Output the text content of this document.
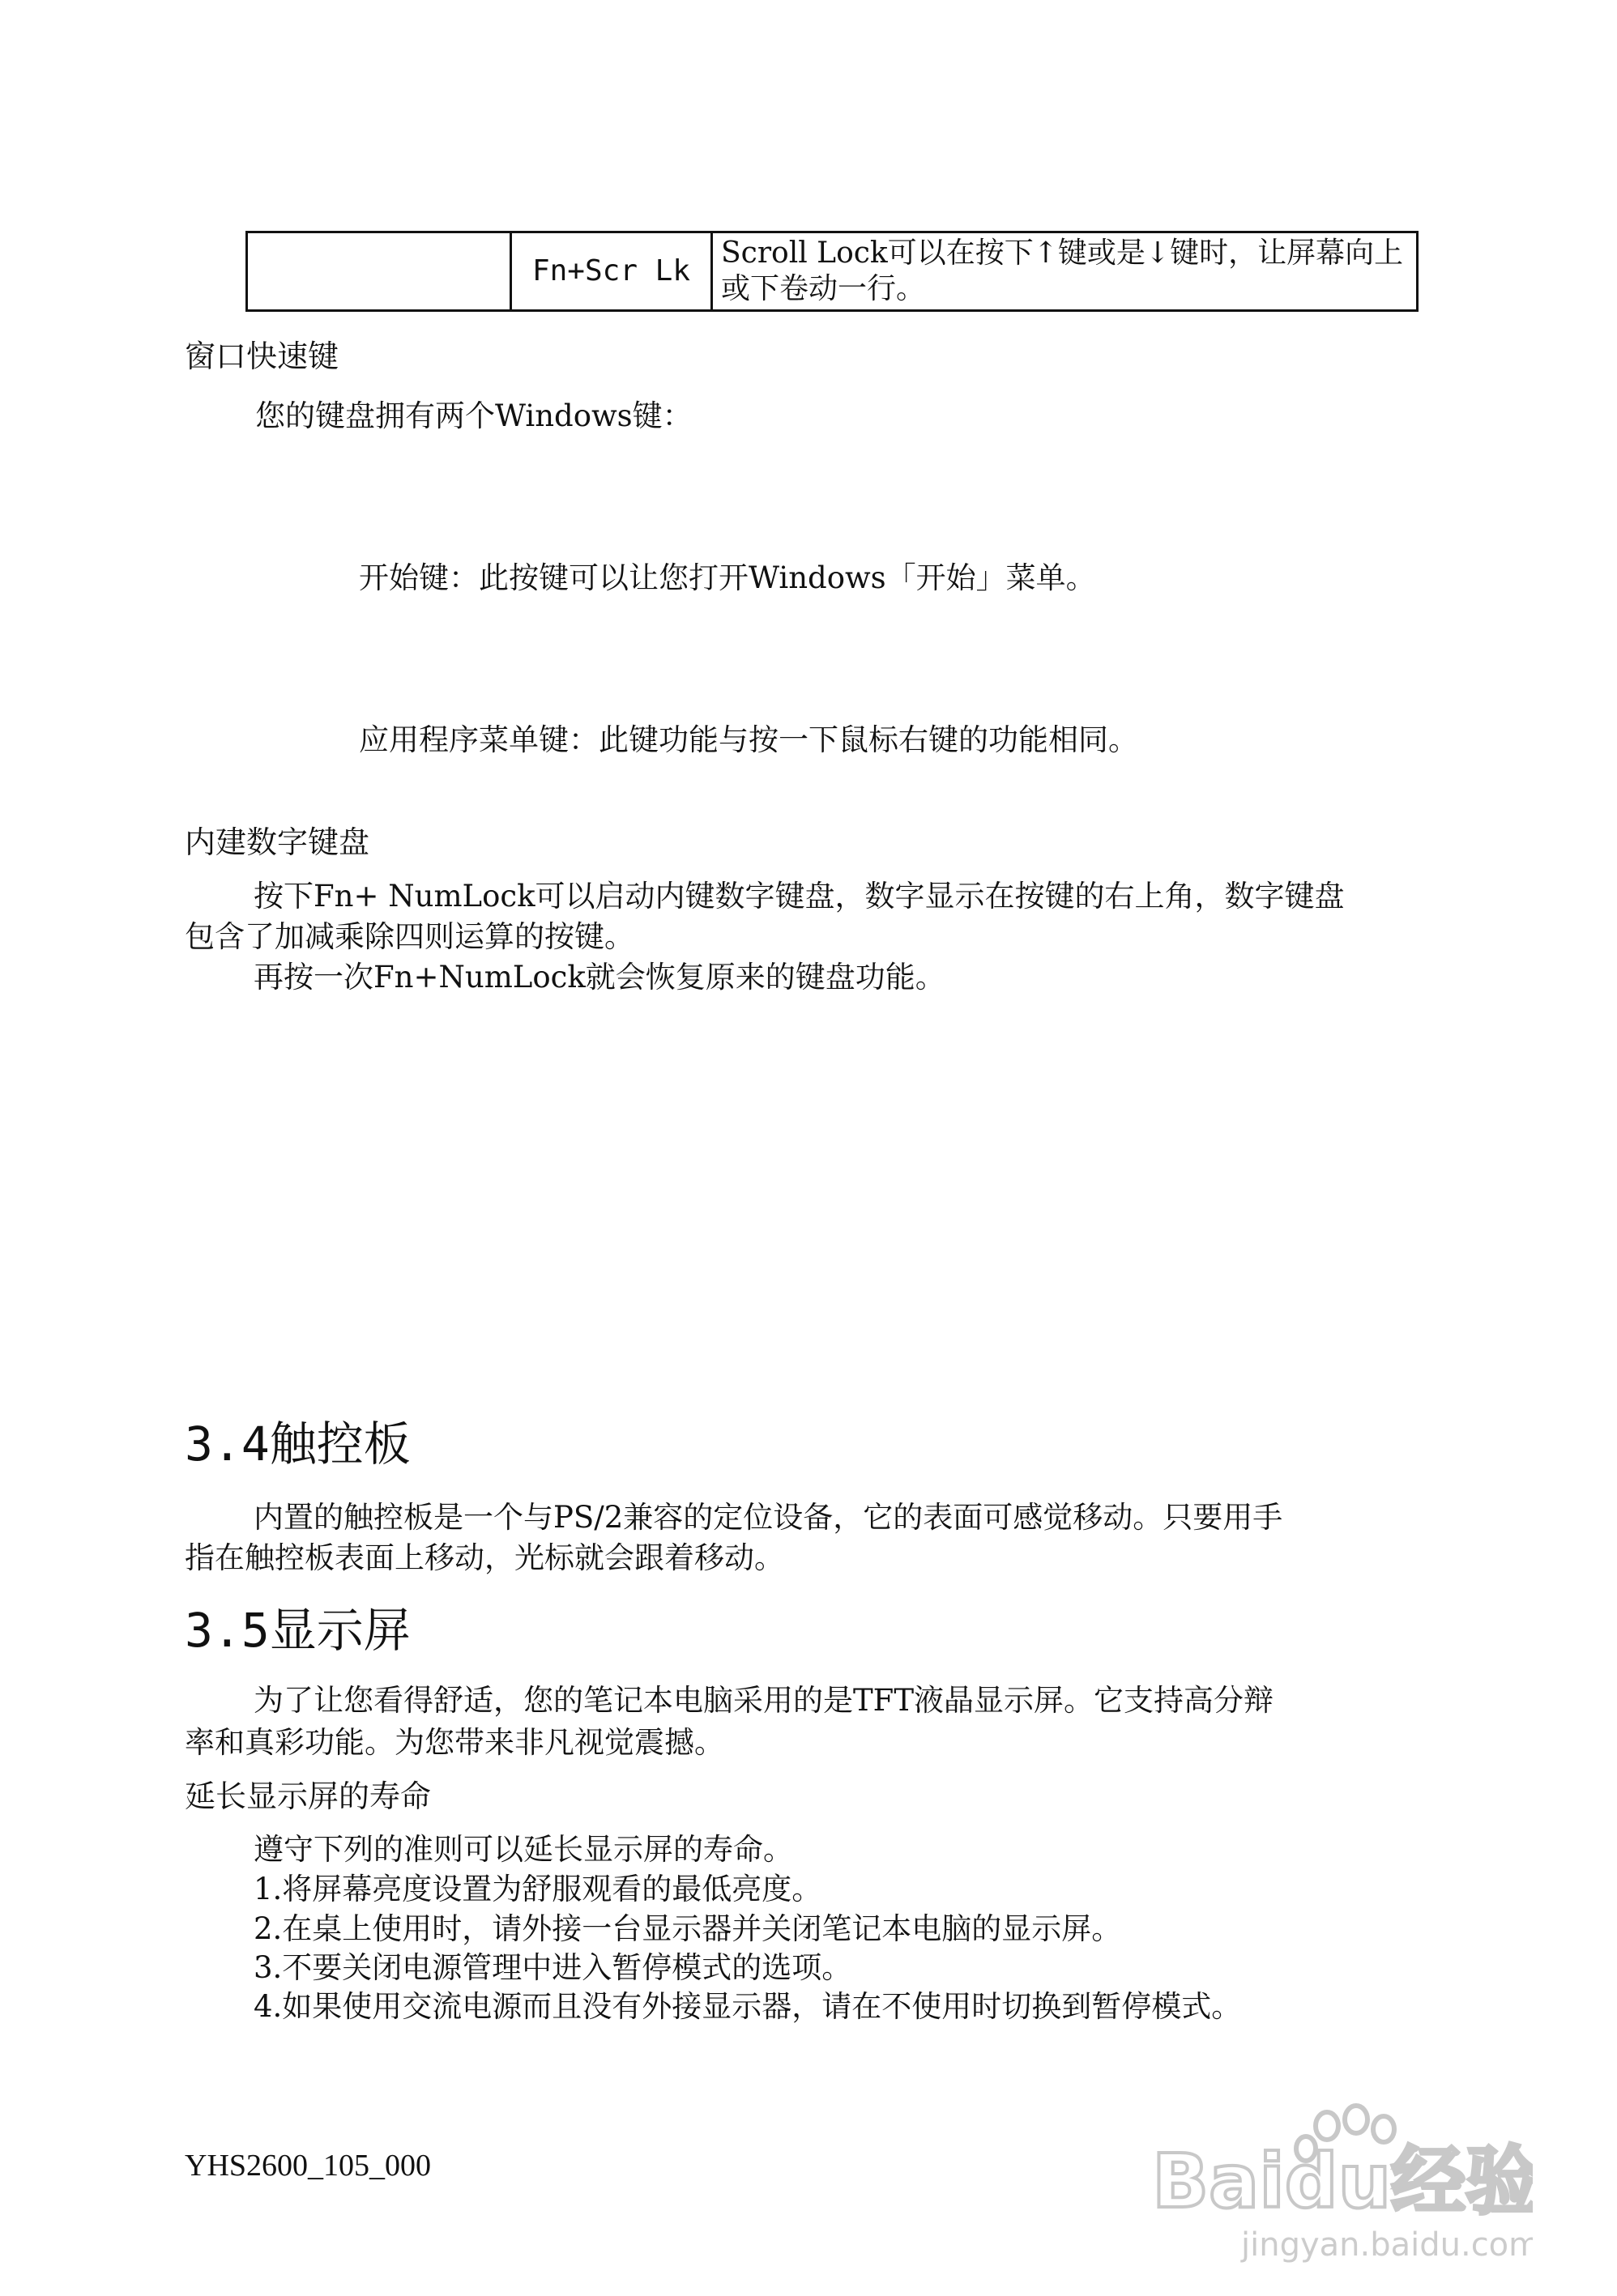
	Fn+Scr Lk	Scroll Lock可以在按下↑键或是↓键时，让屏幕向上或下卷动一行。
窗口快速键
您的键盘拥有两个Windows键：
开始键：此按键可以让您打开Windows「开始」菜单。
应用程序菜单键：此键功能与按一下鼠标右键的功能相同。
内建数字键盘
按下Fn+ NumLock可以启动内键数字键盘，数字显示在按键的右上角，数字键盘
包含了加减乘除四则运算的按键。
再按一次Fn+NumLock就会恢复原来的键盘功能。
3.4触控板
内置的触控板是一个与PS/2兼容的定位设备，它的表面可感觉移动。只要用手
指在触控板表面上移动，光标就会跟着移动。
3.5显示屏
为了让您看得舒适，您的笔记本电脑采用的是TFT液晶显示屏。它支持高分辩
率和真彩功能。为您带来非凡视觉震撼。
延长显示屏的寿命
遵守下列的准则可以延长显示屏的寿命。
1.将屏幕亮度设置为舒服观看的最低亮度。
2.在桌上使用时，请外接一台显示器并关闭笔记本电脑的显示屏。
3.不要关闭电源管理中进入暂停模式的选项。
4.如果使用交流电源而且没有外接显示器，请在不使用时切换到暂停模式。
YHS2600_105_000	Baidu经验
jingyan.baidu.com
